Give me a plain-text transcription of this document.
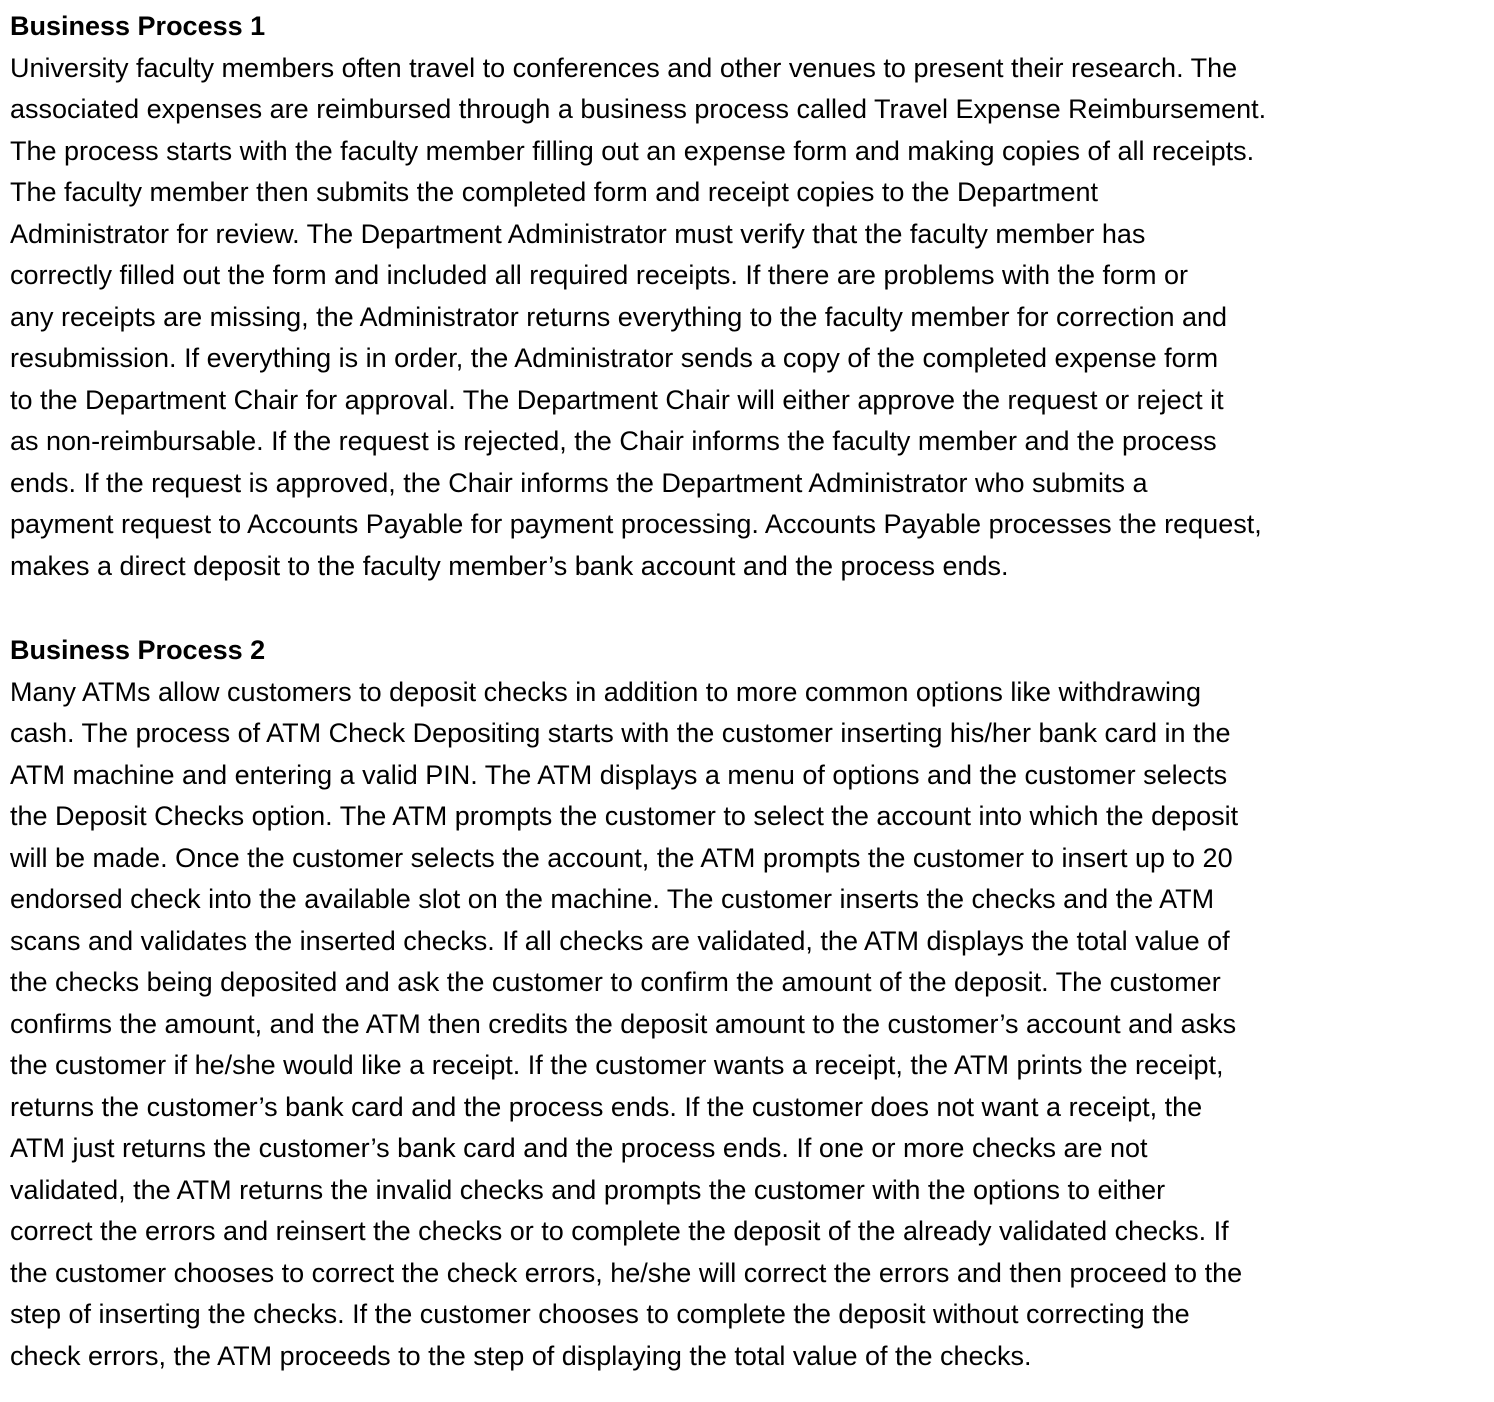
Business Process 1
University faculty members often travel to conferences and other venues to present their research. The
associated expenses are reimbursed through a business process called Travel Expense Reimbursement.
The process starts with the faculty member filling out an expense form and making copies of all receipts.
The faculty member then submits the completed form and receipt copies to the Department
Administrator for review. The Department Administrator must verify that the faculty member has
correctly filled out the form and included all required receipts. If there are problems with the form or
any receipts are missing, the Administrator returns everything to the faculty member for correction and
resubmission. If everything is in order, the Administrator sends a copy of the completed expense form
to the Department Chair for approval. The Department Chair will either approve the request or reject it
as non-reimbursable. If the request is rejected, the Chair informs the faculty member and the process
ends. If the request is approved, the Chair informs the Department Administrator who submits a
payment request to Accounts Payable for payment processing. Accounts Payable processes the request,
makes a direct deposit to the faculty member’s bank account and the process ends.
Business Process 2
Many ATMs allow customers to deposit checks in addition to more common options like withdrawing
cash. The process of ATM Check Depositing starts with the customer inserting his/her bank card in the
ATM machine and entering a valid PIN. The ATM displays a menu of options and the customer selects
the Deposit Checks option. The ATM prompts the customer to select the account into which the deposit
will be made. Once the customer selects the account, the ATM prompts the customer to insert up to 20
endorsed check into the available slot on the machine. The customer inserts the checks and the ATM
scans and validates the inserted checks. If all checks are validated, the ATM displays the total value of
the checks being deposited and ask the customer to confirm the amount of the deposit. The customer
confirms the amount, and the ATM then credits the deposit amount to the customer’s account and asks
the customer if he/she would like a receipt. If the customer wants a receipt, the ATM prints the receipt,
returns the customer’s bank card and the process ends. If the customer does not want a receipt, the
ATM just returns the customer’s bank card and the process ends. If one or more checks are not
validated, the ATM returns the invalid checks and prompts the customer with the options to either
correct the errors and reinsert the checks or to complete the deposit of the already validated checks. If
the customer chooses to correct the check errors, he/she will correct the errors and then proceed to the
step of inserting the checks. If the customer chooses to complete the deposit without correcting the
check errors, the ATM proceeds to the step of displaying the total value of the checks.
